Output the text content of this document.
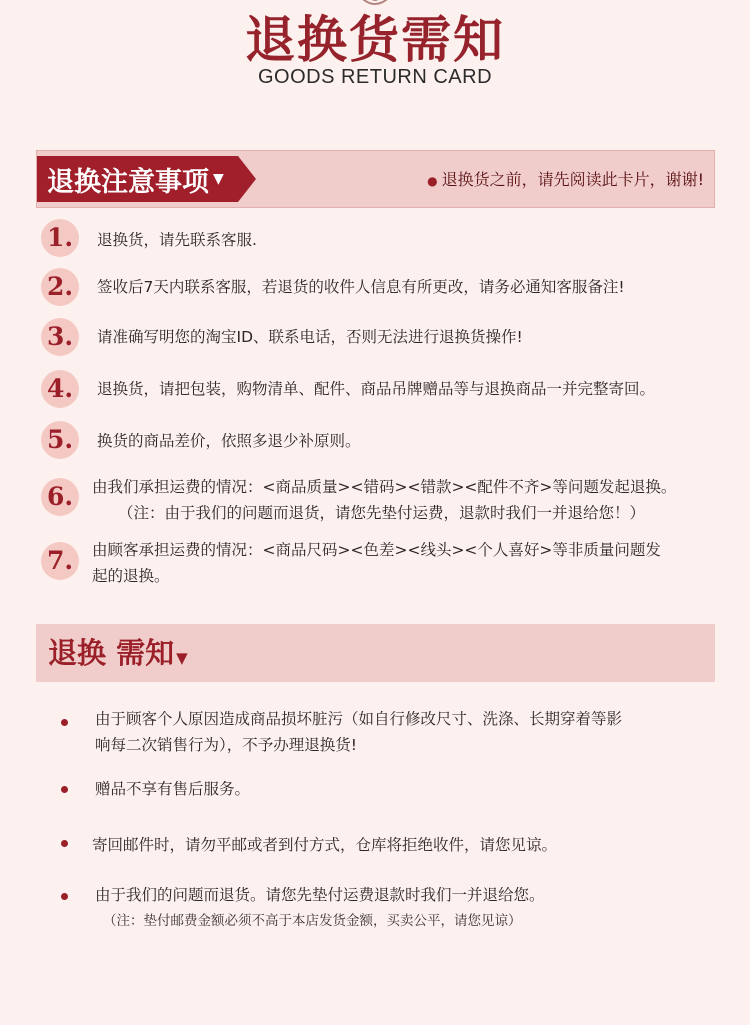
退换货需知
GOODS RETURN CARD
退换注意事项 ▼	● 退换货之前，请先阅读此卡片，谢谢!
1.	退换货，请先联系客服.
2.	签收后7天内联系客服，若退货的收件人信息有所更改，请务必通知客服备注!
3.	请准确写明您的淘宝ID、联系电话，否则无法进行退换货操作!
4.	退换货，请把包装，购物清单、配件、商品吊牌赠品等与退换商品一并完整寄回。
5.	换货的商品差价，依照多退少补原则。
6.	由我们承担运费的情况：<商品质量><错码><错款><配件不齐>等问题发起退换。
（注：由于我们的问题而退货，请您先垫付运费，退款时我们一并退给您！）
7.	由顾客承担运费的情况：<商品尺码><色差><线头><个人喜好>等非质量问题发
起的退换。
退换 需知 ▼
由于顾客个人原因造成商品损坏脏污（如自行修改尺寸、洗涤、长期穿着等影
响每二次销售行为），不予办理退换货!
赠品不享有售后服务。
寄回邮件时，请勿平邮或者到付方式，仓库将拒绝收件，请您见谅。
由于我们的问题而退货。请您先垫付运费退款时我们一并退给您。
（注：垫付邮费金额必须不高于本店发货金额，买卖公平，请您见谅）
